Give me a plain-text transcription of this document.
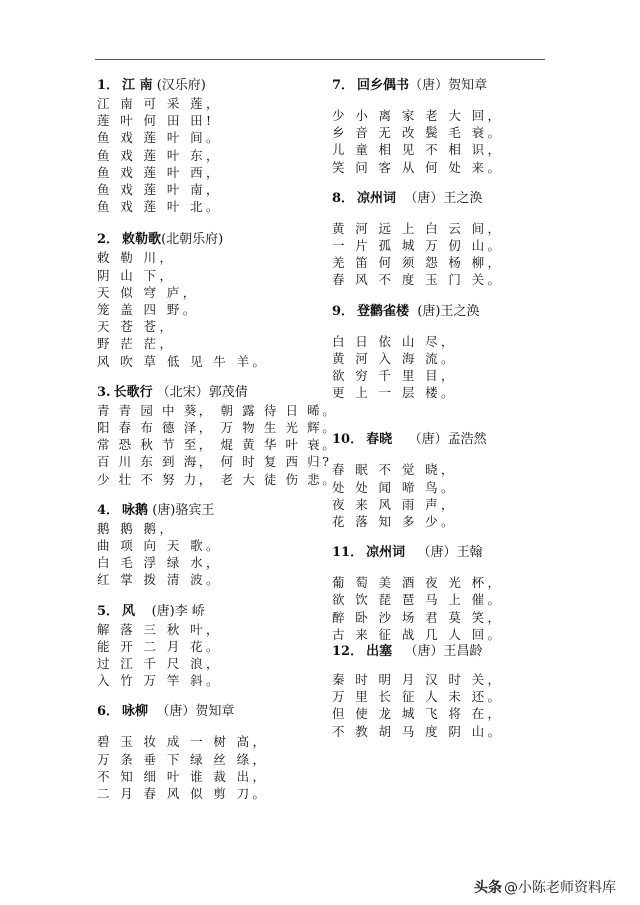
1． 江 南 (汉乐府)
江 南 可 采 莲，
莲 叶 何 田 田!
鱼 戏 莲 叶 间。
鱼 戏 莲 叶 东，
鱼 戏 莲 叶 西，
鱼 戏 莲 叶 南，
鱼 戏 莲 叶 北。
2． 敕勒歌(北朝乐府)
敕 勒 川，
阴 山 下，
天 似 穹 庐，
笼 盖 四 野。
天 苍 苍，
野 茫 茫，
风 吹 草 低 见 牛 羊。
3. 长歌行 （北宋）郭茂倩
青 青 园 中 葵， 朝 露 待 日 晞。
阳 春 布 德 泽， 万 物 生 光 辉。
常 恐 秋 节 至， 焜 黄 华 叶 衰。
百 川 东 到 海， 何 时 复 西 归?
少 壮 不 努 力， 老 大 徒 伤 悲。
4． 咏鹅 (唐)骆宾王
鹅 鹅 鹅，
曲 项 向 天 歌。
白 毛 浮 绿 水，
红 掌 拨 清 波。
5． 风    (唐)李 峤
解 落 三 秋 叶，
能 开 二 月 花。
过 江 千 尺 浪，
入 竹 万 竿 斜。
6． 咏柳  （唐）贺知章
碧 玉 妆 成 一 树 高，
万 条 垂 下 绿 丝 绦，
不 知 细 叶 谁 裁 出，
二 月 春 风 似 剪 刀。
7． 回乡偶书（唐）贺知章
少 小 离 家 老 大 回，
乡 音 无 改 鬓 毛 衰。
儿 童 相 见 不 相 识，
笑 问 客 从 何 处 来。
8． 凉州词  （唐）王之涣
黄 河 远 上 白 云 间，
一 片 孤 城 万 仞 山。
羌 笛 何 须 怨 杨 柳，
春 风 不 度 玉 门 关。
9． 登鹳雀楼  (唐)王之涣
白 日 依 山 尽，
黄 河 入 海 流。
欲 穷 千 里 目，
更 上 一 层 楼。
10． 春晓    （唐）孟浩然
春 眠 不 觉 晓，
处 处 闻 啼 鸟。
夜 来 风 雨 声，
花 落 知 多 少。
11． 凉州词   （唐）王翰
葡 萄 美 酒 夜 光 杯，
欲 饮 琵 琶 马 上 催。
醉 卧 沙 场 君 莫 笑，
古 来 征 战 几 人 回。
12． 出塞   （唐）王昌龄
秦 时 明 月 汉 时 关，
万 里 长 征 人 未 还。
但 使 龙 城 飞 将 在，
不 教 胡 马 度 阴 山。
头条 @小陈老师资料库
